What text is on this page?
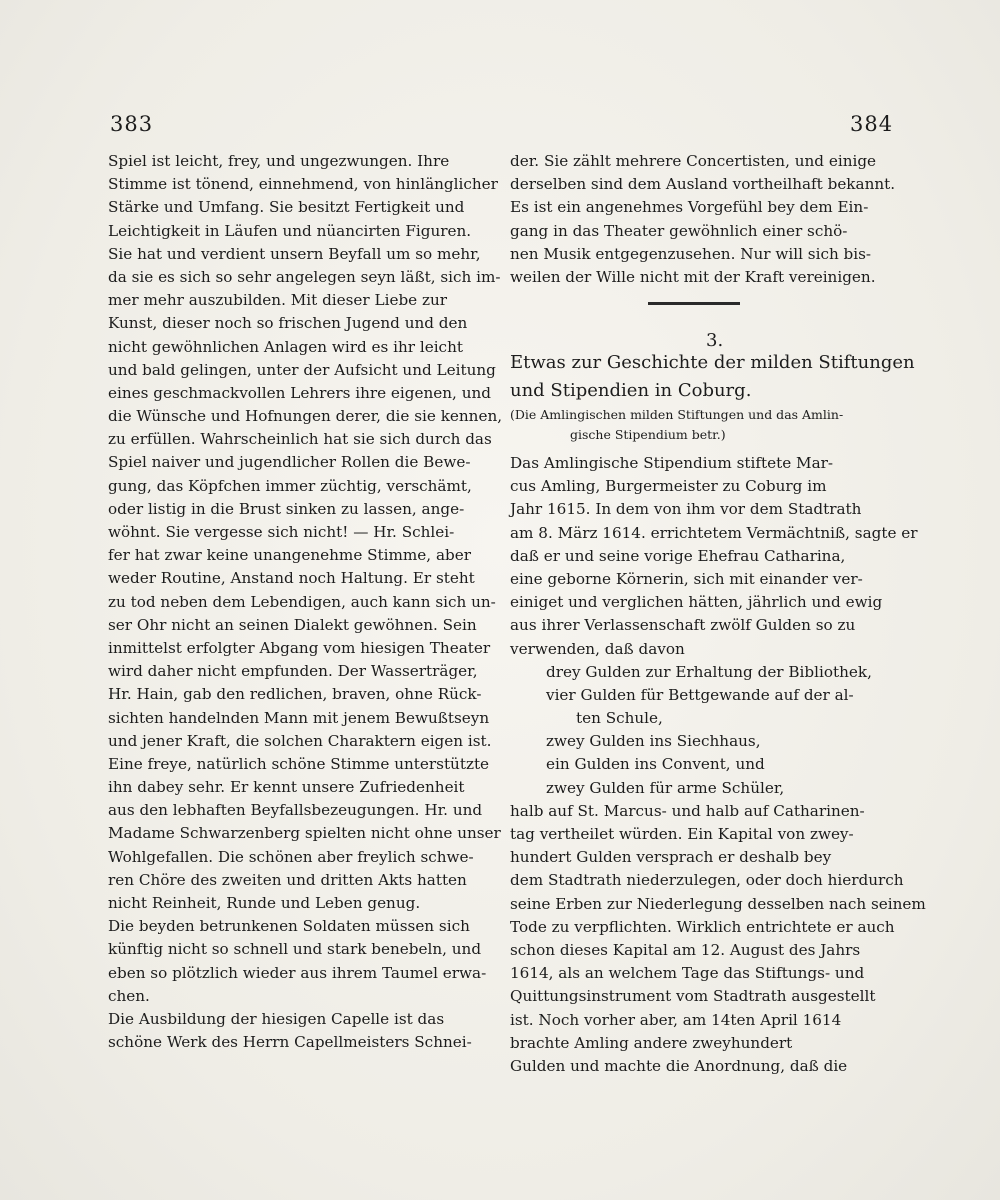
383	384
Spiel ist leicht, frey, und ungezwungen. Ihre
Stimme ist tönend, einnehmend, von hinlänglicher
Stärke und Umfang. Sie besitzt Fertigkeit und
Leichtigkeit in Läufen und nüancirten Figuren.
Sie hat und verdient unsern Beyfall um so mehr,
da sie es sich so sehr angelegen seyn läßt, sich im-
mer mehr auszubilden. Mit dieser Liebe zur
Kunst, dieser noch so frischen Jugend und den
nicht gewöhnlichen Anlagen wird es ihr leicht
und bald gelingen, unter der Aufsicht und Leitung
eines geschmackvollen Lehrers ihre eigenen, und
die Wünsche und Hofnungen derer, die sie kennen,
zu erfüllen. Wahrscheinlich hat sie sich durch das
Spiel naiver und jugendlicher Rollen die Bewe-
gung, das Köpfchen immer züchtig, verschämt,
oder listig in die Brust sinken zu lassen, ange-
wöhnt. Sie vergesse sich nicht! — Hr. Schlei-
fer hat zwar keine unangenehme Stimme, aber
weder Routine, Anstand noch Haltung. Er steht
zu tod neben dem Lebendigen, auch kann sich un-
ser Ohr nicht an seinen Dialekt gewöhnen. Sein
inmittelst erfolgter Abgang vom hiesigen Theater
wird daher nicht empfunden. Der Wasserträger,
Hr. Hain, gab den redlichen, braven, ohne Rück-
sichten handelnden Mann mit jenem Bewußtseyn
und jener Kraft, die solchen Charaktern eigen ist.
Eine freye, natürlich schöne Stimme unterstützte
ihn dabey sehr. Er kennt unsere Zufriedenheit
aus den lebhaften Beyfallsbezeugungen. Hr. und
Madame Schwarzenberg spielten nicht ohne unser
Wohlgefallen. Die schönen aber freylich schwe-
ren Chöre des zweiten und dritten Akts hatten
nicht Reinheit, Runde und Leben genug.
Die beyden betrunkenen Soldaten müssen sich
künftig nicht so schnell und stark benebeln, und
eben so plötzlich wieder aus ihrem Taumel erwa-
chen.
Die Ausbildung der hiesigen Capelle ist das
schöne Werk des Herrn Capellmeisters Schnei-
der. Sie zählt mehrere Concertisten, und einige
derselben sind dem Ausland vortheilhaft bekannt.
Es ist ein angenehmes Vorgefühl bey dem Ein-
gang in das Theater gewöhnlich einer schö-
nen Musik entgegenzusehen. Nur will sich bis-
weilen der Wille nicht mit der Kraft vereinigen.
3.
Etwas zur Geschichte der milden Stiftungen
und Stipendien in Coburg.
(Die Amlingischen milden Stiftungen und das Amlin-
gische Stipendium betr.)
Das Amlingische Stipendium stiftete Mar-
cus Amling, Burgermeister zu Coburg im
Jahr 1615. In dem von ihm vor dem Stadtrath
am 8. März 1614. errichtetem Vermächtniß, sagte er
daß er und seine vorige Ehefrau Catharina,
eine geborne Körnerin, sich mit einander ver-
einiget und verglichen hätten, jährlich und ewig
aus ihrer Verlassenschaft zwölf Gulden so zu
verwenden, daß davon
drey Gulden zur Erhaltung der Bibliothek,
vier Gulden für Bettgewande auf der al-
ten Schule,
zwey Gulden ins Siechhaus,
ein Gulden ins Convent, und
zwey Gulden für arme Schüler,
halb auf St. Marcus- und halb auf Catharinen-
tag vertheilet würden. Ein Kapital von zwey-
hundert Gulden versprach er deshalb bey
dem Stadtrath niederzulegen, oder doch hierdurch
seine Erben zur Niederlegung desselben nach seinem
Tode zu verpflichten. Wirklich entrichtete er auch
schon dieses Kapital am 12. August des Jahrs
1614, als an welchem Tage das Stiftungs- und
Quittungsinstrument vom Stadtrath ausgestellt
ist. Noch vorher aber, am 14ten April 1614
brachte Amling andere zweyhundert
Gulden und machte die Anordnung, daß die
